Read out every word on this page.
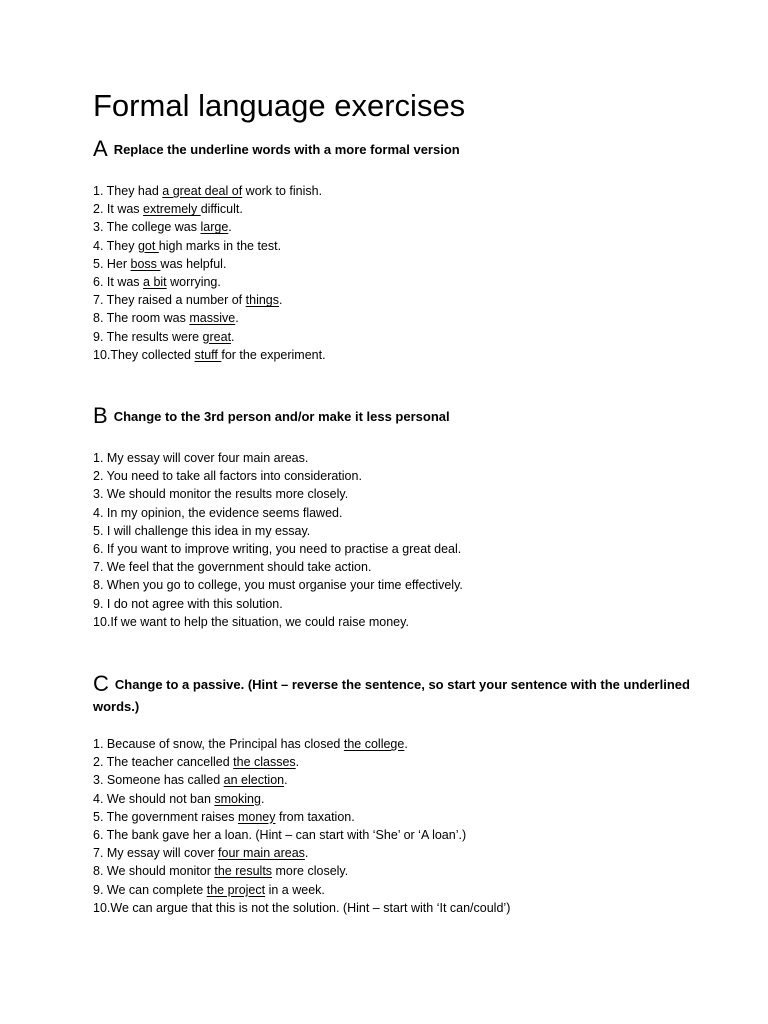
Formal language exercises
A Replace the underline words with a more formal version
1. They had a great deal of work to finish.
2. It was extremely difficult.
3. The college was large.
4. They got high marks in the test.
5. Her boss was helpful.
6. It was a bit worrying.
7. They raised a number of things.
8. The room was massive.
9. The results were great.
10.They collected stuff for the experiment.
B Change to the 3rd person and/or make it less personal
1. My essay will cover four main areas.
2. You need to take all factors into consideration.
3. We should monitor the results more closely.
4. In my opinion, the evidence seems flawed.
5. I will challenge this idea in my essay.
6. If you want to improve writing, you need to practise a great deal.
7. We feel that the government should take action.
8. When you go to college, you must organise your time effectively.
9. I do not agree with this solution.
10.If we want to help the situation, we could raise money.
C Change to a passive. (Hint – reverse the sentence, so start your sentence with the underlined words.)
1. Because of snow, the Principal has closed the college.
2. The teacher cancelled the classes.
3. Someone has called an election.
4. We should not ban smoking.
5. The government raises money from taxation.
6. The bank gave her a loan. (Hint – can start with ‘She’ or ‘A loan’.)
7. My essay will cover four main areas.
8. We should monitor the results more closely.
9. We can complete the project in a week.
10.We can argue that this is not the solution. (Hint – start with ‘It can/could’)
